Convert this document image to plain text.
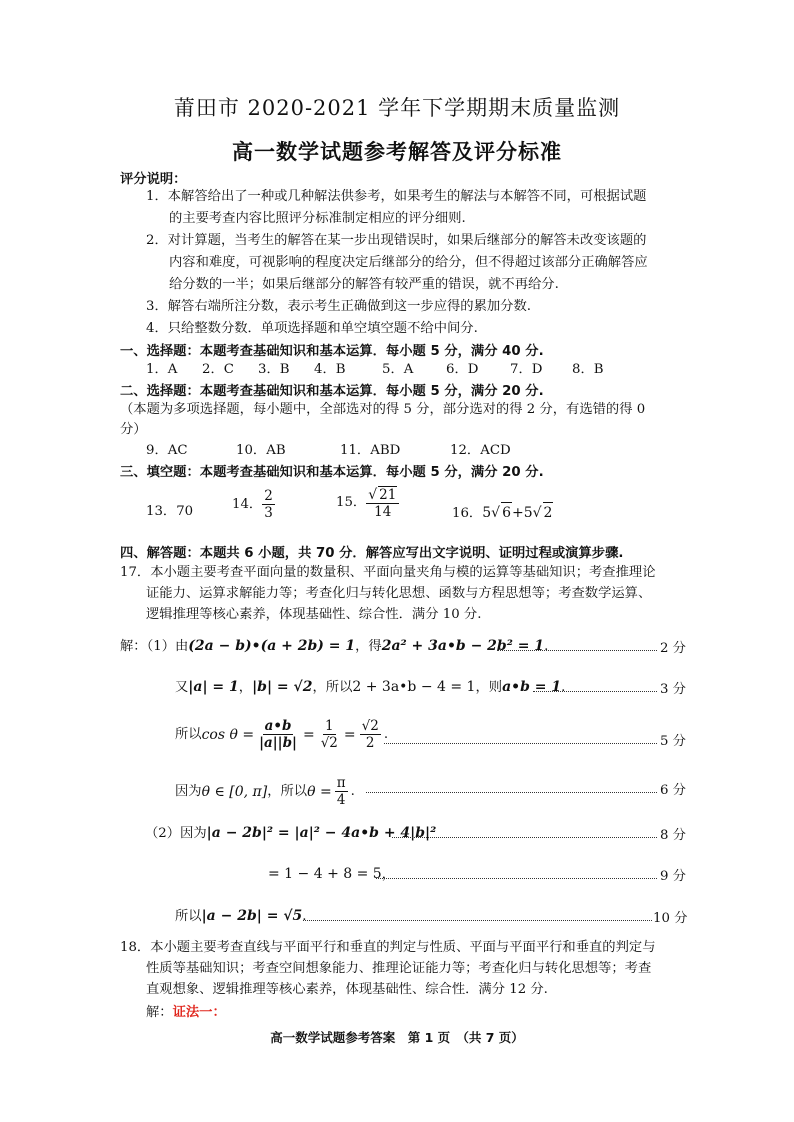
莆田市 2020-2021 学年下学期期末质量监测
高一数学试题参考解答及评分标准
评分说明：
1．本解答给出了一种或几种解法供参考，如果考生的解法与本解答不同，可根据试题
的主要考查内容比照评分标准制定相应的评分细则.
2．对计算题，当考生的解答在某一步出现错误时，如果后继部分的解答未改变该题的
内容和难度，可视影响的程度决定后继部分的给分，但不得超过该部分正确解答应
给分数的一半；如果后继部分的解答有较严重的错误，就不再给分.
3．解答右端所注分数，表示考生正确做到这一步应得的累加分数.
4．只给整数分数．单项选择题和单空填空题不给中间分.
一、选择题：本题考查基础知识和基本运算．每小题 5 分，满分 40 分.
1．A 2．C 3．B 4．B	5．A 6．D 7．D 8．B
二、选择题：本题考查基础知识和基本运算．每小题 5 分，满分 20 分.
（本题为多项选择题，每小题中，全部选对的得 5 分，部分选对的得 2 分，有选错的得 0
分）
9．AC	10．AB	11．ABD	12．ACD
三、填空题：本题考查基础知识和基本运算．每小题 5 分，满分 20 分.
13．70	14． $\frac{2}{3}$	15． $\frac{√ 21}{14}$	16．5√ 6+5√ 2
四、解答题：本题共 6 小题，共 70 分．解答应写出文字说明、证明过程或演算步骤.
17．本小题主要考查平面向量的数量积、平面向量夹角与模的运算等基础知识；考查推理论
证能力、运算求解能力等；考查化归与转化思想、函数与方程思想等；考查数学运算、
逻辑推理等核心素养，体现基础性、综合性．满分 10 分.
解：（1）由(2a − b)•(a + 2b) = 1，得2a² + 3a•b − 2b² = 1.	2 分
又|a| = 1，|b| = √2，所以2 + 3a•b − 4 = 1，则a•b = 1.	3 分
所以 $\cos \theta = \frac{a•b}{|a||b|} = \frac{1}{√2} = \frac{√2}{2}$ .	5 分
因为 θ ∈ [0, π] ，所以 $\theta = \frac{\pi}{4}$ .	6 分
（2）因为|a − 2b|² = |a|² − 4a•b + 4|b|²	8 分
= 1 − 4 + 8 = 5，	9 分
所以|a − 2b| = √5.	10 分
18．本小题主要考查直线与平面平行和垂直的判定与性质、平面与平面平行和垂直的判定与
性质等基础知识；考查空间想象能力、推理论证能力等；考查化归与转化思想等；考查
直观想象、逻辑推理等核心素养，体现基础性、综合性．满分 12 分.
解：证法一：
高一数学试题参考答案　第 1 页　（共 7 页）
